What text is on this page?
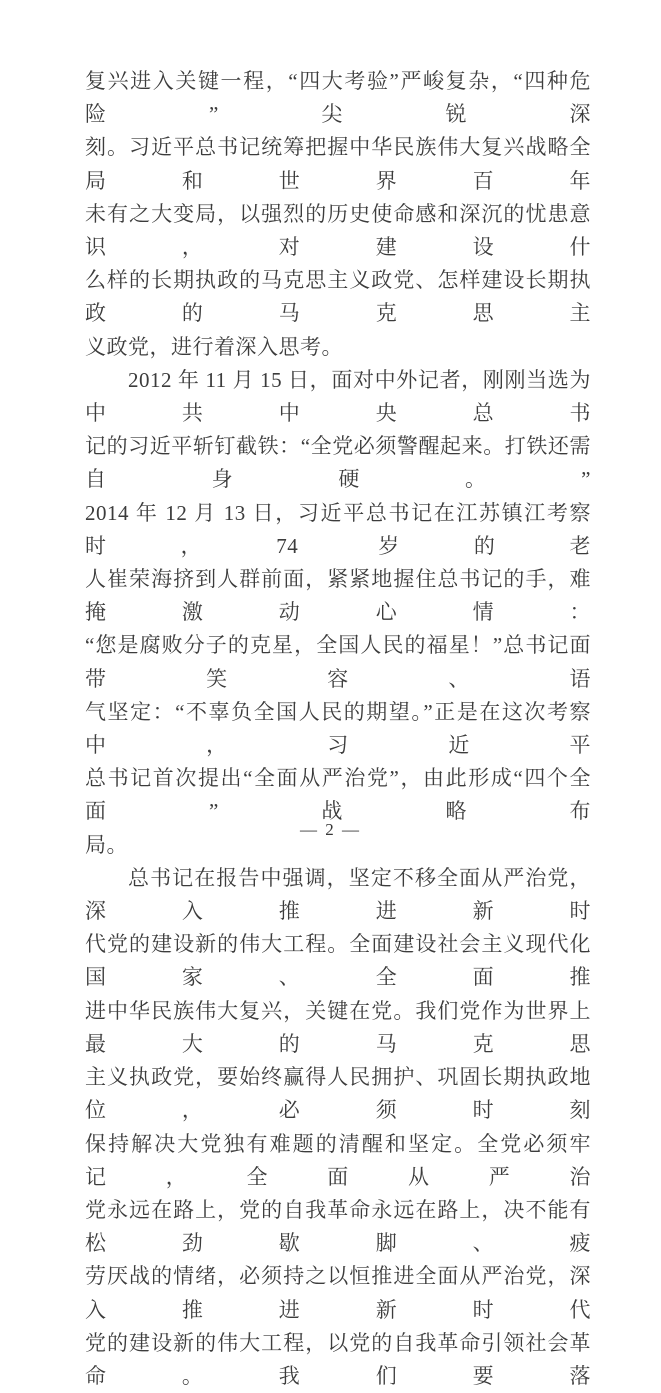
复兴进入关键一程，“四大考验”严峻复杂，“四种危险”尖锐深
刻。习近平总书记统筹把握中华民族伟大复兴战略全局和世界百年
未有之大变局，以强烈的历史使命感和深沉的忧患意识，对建设什
么样的长期执政的马克思主义政党、怎样建设长期执政的马克思主
义政党，进行着深入思考。
2012 年 11 月 15 日，面对中外记者，刚刚当选为中共中央总书
记的习近平斩钉截铁：“全党必须警醒起来。打铁还需自身硬。”
2014 年 12 月 13 日，习近平总书记在江苏镇江考察时，74 岁的老
人崔荣海挤到人群前面，紧紧地握住总书记的手，难掩激动心情：
“您是腐败分子的克星，全国人民的福星！”总书记面带笑容、语
气坚定：“不辜负全国人民的期望。”正是在这次考察中，习近平
总书记首次提出“全面从严治党”，由此形成“四个全面”战略布
局。
总书记在报告中强调，坚定不移全面从严治党，深入推进新时
代党的建设新的伟大工程。全面建设社会主义现代化国家、全面推
进中华民族伟大复兴，关键在党。我们党作为世界上最大的马克思
主义执政党，要始终赢得人民拥护、巩固长期执政地位，必须时刻
保持解决大党独有难题的清醒和坚定。全党必须牢记，全面从严治
党永远在路上，党的自我革命永远在路上，决不能有松劲歇脚、疲
劳厌战的情绪，必须持之以恒推进全面从严治党，深入推进新时代
党的建设新的伟大工程，以党的自我革命引领社会革命。我们要落
— 2 —
